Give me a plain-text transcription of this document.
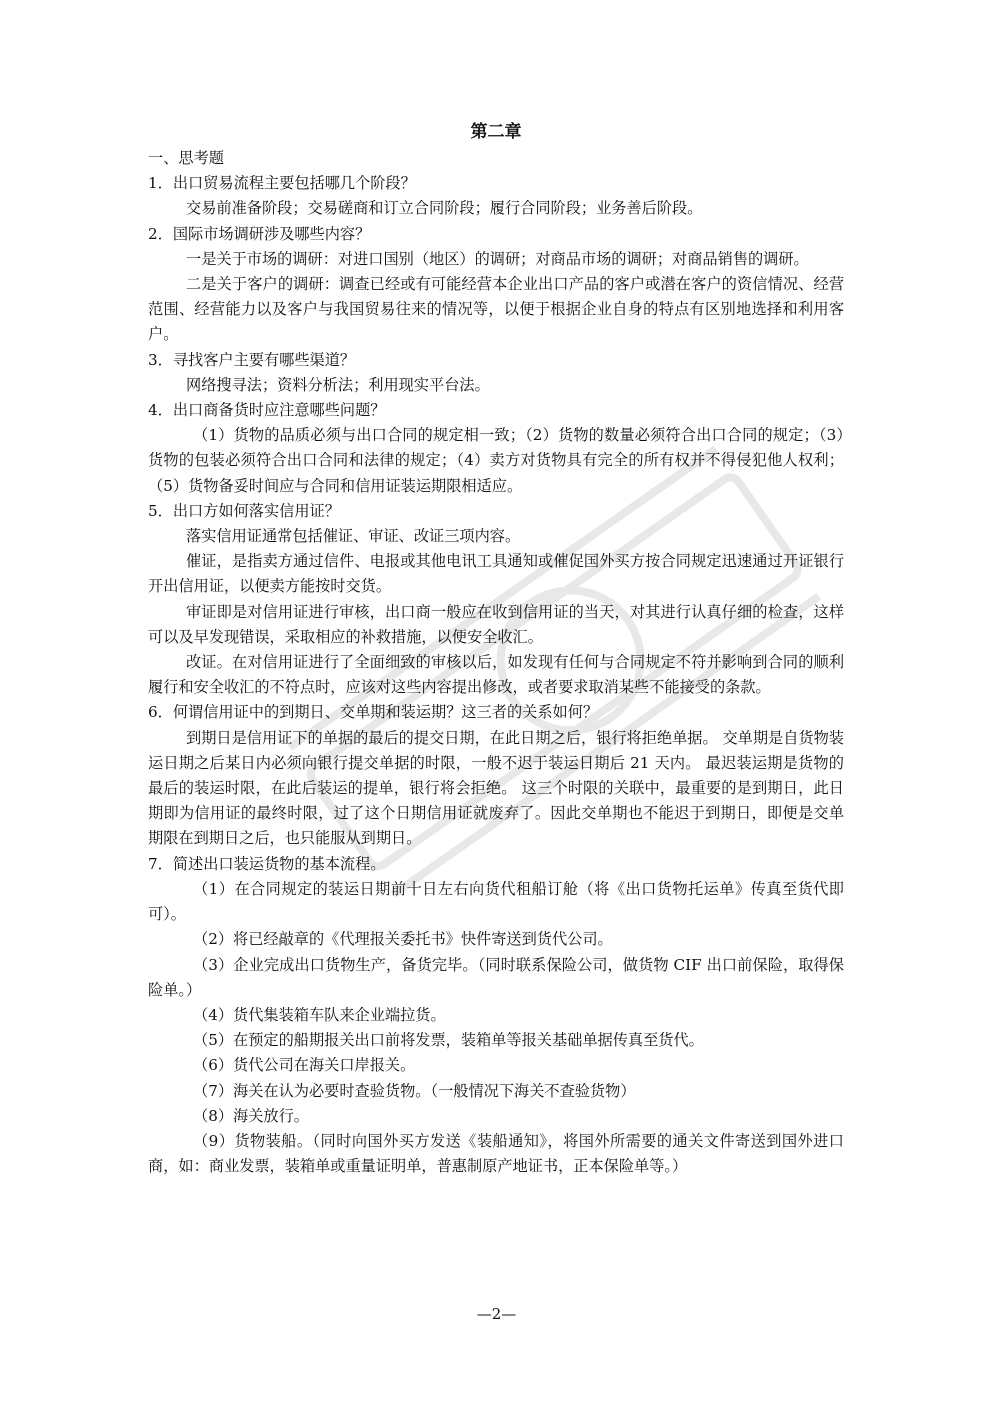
第二章

一、思考题

1．出口贸易流程主要包括哪几个阶段？

交易前准备阶段；交易磋商和订立合同阶段；履行合同阶段；业务善后阶段。

2．国际市场调研涉及哪些内容？

一是关于市场的调研：对进口国别（地区）的调研；对商品市场的调研；对商品销售的调研。

二是关于客户的调研：调查已经或有可能经营本企业出口产品的客户或潜在客户的资信情况、经营范围、经营能力以及客户与我国贸易往来的情况等，以便于根据企业自身的特点有区别地选择和利用客户。

3．寻找客户主要有哪些渠道？

网络搜寻法；资料分析法；利用现实平台法。

4．出口商备货时应注意哪些问题？

（1）货物的品质必须与出口合同的规定相一致；（2）货物的数量必须符合出口合同的规定；（3）货物的包装必须符合出口合同和法律的规定；（4）卖方对货物具有完全的所有权并不得侵犯他人权利；（5）货物备妥时间应与合同和信用证装运期限相适应。

5．出口方如何落实信用证？

落实信用证通常包括催证、审证、改证三项内容。

催证，是指卖方通过信件、电报或其他电讯工具通知或催促国外买方按合同规定迅速通过开证银行开出信用证，以便卖方能按时交货。

审证即是对信用证进行审核，出口商一般应在收到信用证的当天，对其进行认真仔细的检查，这样可以及早发现错误，采取相应的补救措施，以便安全收汇。

改证。在对信用证进行了全面细致的审核以后，如发现有任何与合同规定不符并影响到合同的顺利履行和安全收汇的不符点时，应该对这些内容提出修改，或者要求取消某些不能接受的条款。

6．何谓信用证中的到期日、交单期和装运期？这三者的关系如何？

到期日是信用证下的单据的最后的提交日期，在此日期之后，银行将拒绝单据。 交单期是自货物装运日期之后某日内必须向银行提交单据的时限，一般不迟于装运日期后 21 天内。 最迟装运期是货物的最后的装运时限，在此后装运的提单，银行将会拒绝。 这三个时限的关联中，最重要的是到期日，此日期即为信用证的最终时限，过了这个日期信用证就废弃了。因此交单期也不能迟于到期日，即便是交单期限在到期日之后，也只能服从到期日。

7．简述出口装运货物的基本流程。

（1）在合同规定的装运日期前十日左右向货代租船订舱（将《出口货物托运单》传真至货代即可）。

（2）将已经敲章的《代理报关委托书》快件寄送到货代公司。

（3）企业完成出口货物生产，备货完毕。（同时联系保险公司，做货物 CIF 出口前保险，取得保险单。）

（4）货代集装箱车队来企业端拉货。

（5）在预定的船期报关出口前将发票，装箱单等报关基础单据传真至货代。

（6）货代公司在海关口岸报关。

（7）海关在认为必要时查验货物。（一般情况下海关不查验货物）

（8）海关放行。

（9）货物装船。（同时向国外买方发送《装船通知》，将国外所需要的通关文件寄送到国外进口商，如：商业发票，装箱单或重量证明单，普惠制原产地证书，正本保险单等。）

—2—
